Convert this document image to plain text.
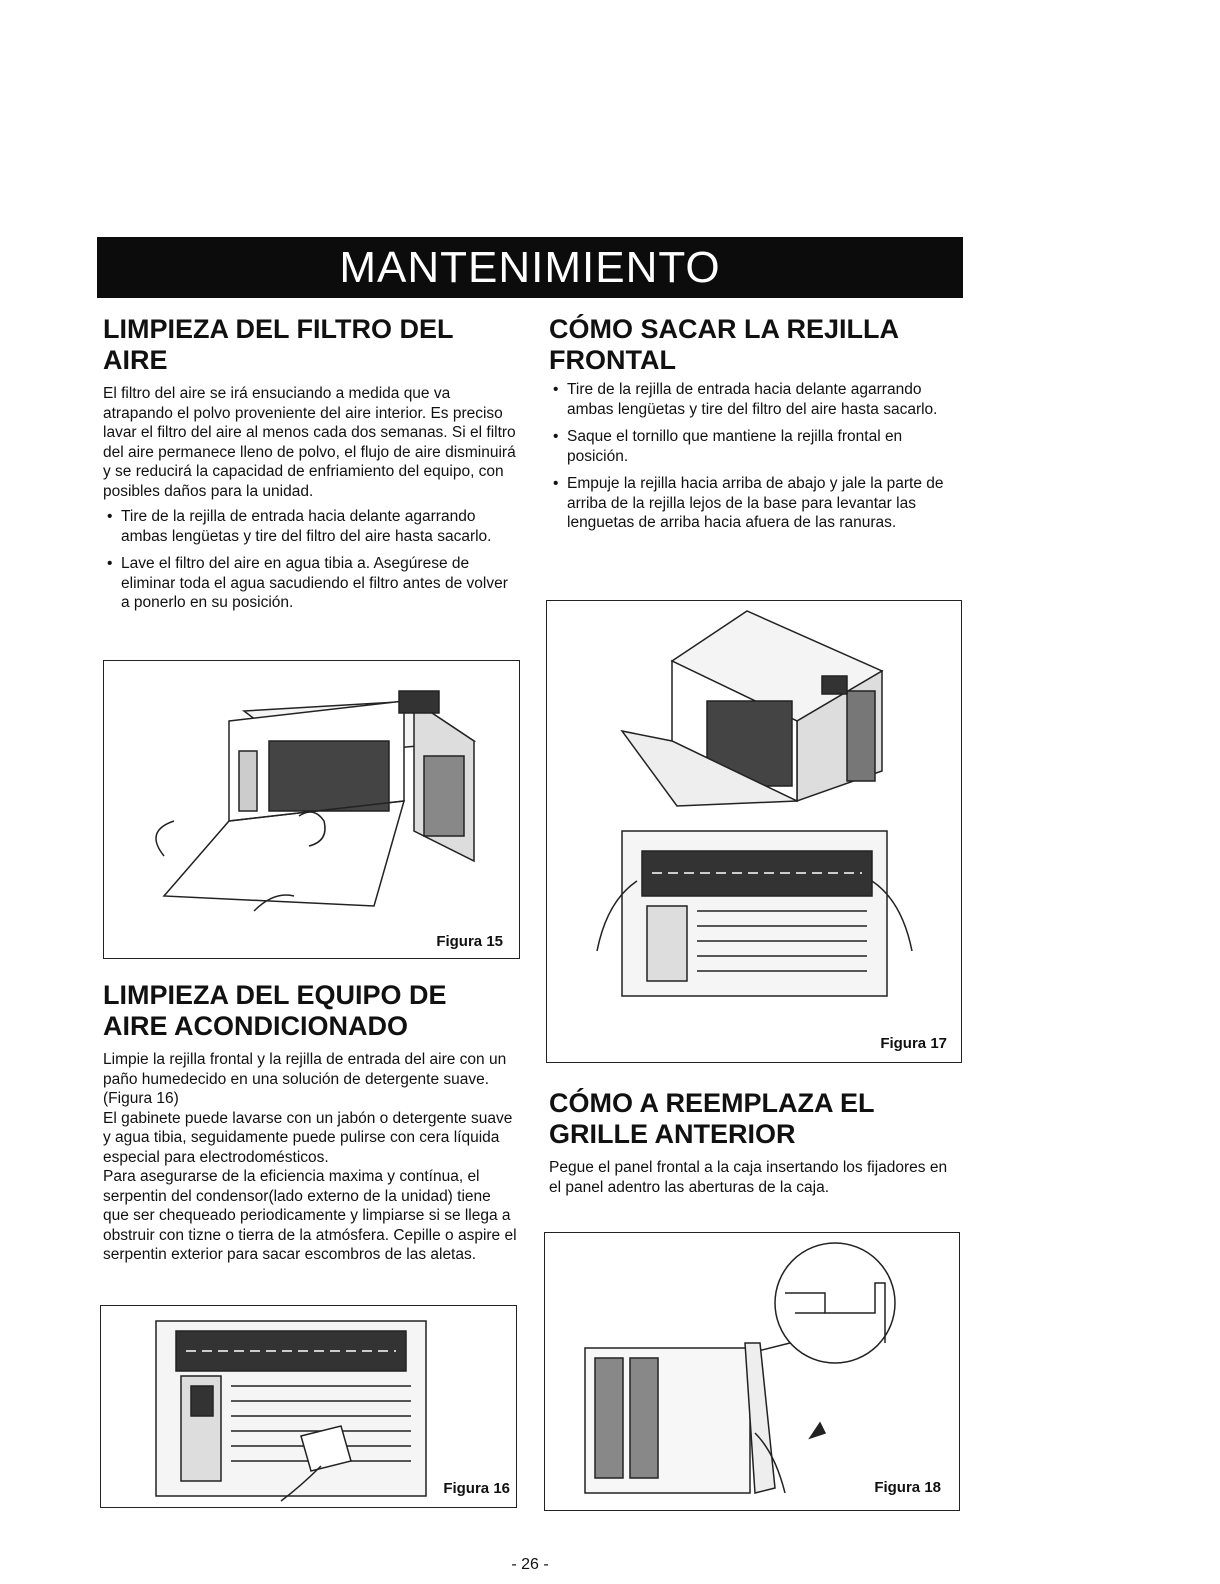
MANTENIMIENTO
LIMPIEZA DEL FILTRO DEL AIRE

El filtro del aire se irá ensuciando a medida que va atrapando el polvo proveniente del aire interior. Es preciso lavar el filtro del aire al menos cada dos semanas. Si el filtro del aire permanece lleno de polvo, el flujo de aire disminuirá y se reducirá la capacidad de enfriamiento del equipo, con posibles daños para la unidad.

• Tire de la rejilla de entrada hacia delante agarrando ambas lengüetas y tire del filtro del aire hasta sacarlo.
• Lave el filtro del aire en agua tibia a. Asegúrese de eliminar toda el agua sacudiendo el filtro antes de volver a ponerlo en su posición.
Figura 15
LIMPIEZA DEL EQUIPO DE AIRE ACONDICIONADO

Limpie la rejilla frontal y la rejilla de entrada del aire con un paño humedecido en una solución de detergente suave. (Figura 16)

El gabinete puede lavarse con un jabón o detergente suave y agua tibia, seguidamente puede pulirse con cera líquida especial para electrodomésticos.

Para asegurarse de la eficiencia maxima y contínua, el serpentin del condensor(lado externo de la unidad) tiene que ser chequeado periodicamente y limpiarse si se llega a obstruir con tizne o tierra de la atmósfera. Cepille o aspire el serpentin exterior para sacar escombros de las aletas.

Figura 16
CÓMO SACAR LA REJILLA FRONTAL
• Tire de la rejilla de entrada hacia delante agarrando ambas lengüetas y tire del filtro del aire hasta sacarlo.
• Saque el tornillo que mantiene la rejilla frontal en posición.
• Empuje la rejilla hacia arriba de abajo y jale la parte de arriba de la rejilla lejos de la base para levantar las lenguetas de arriba hacia afuera de las ranuras.
Figura 17
CÓMO A REEMPLAZA EL GRILLE ANTERIOR

Pegue el panel frontal a la caja insertando los fijadores en el panel adentro las aberturas de la caja.

Figura 18
- 26 -
